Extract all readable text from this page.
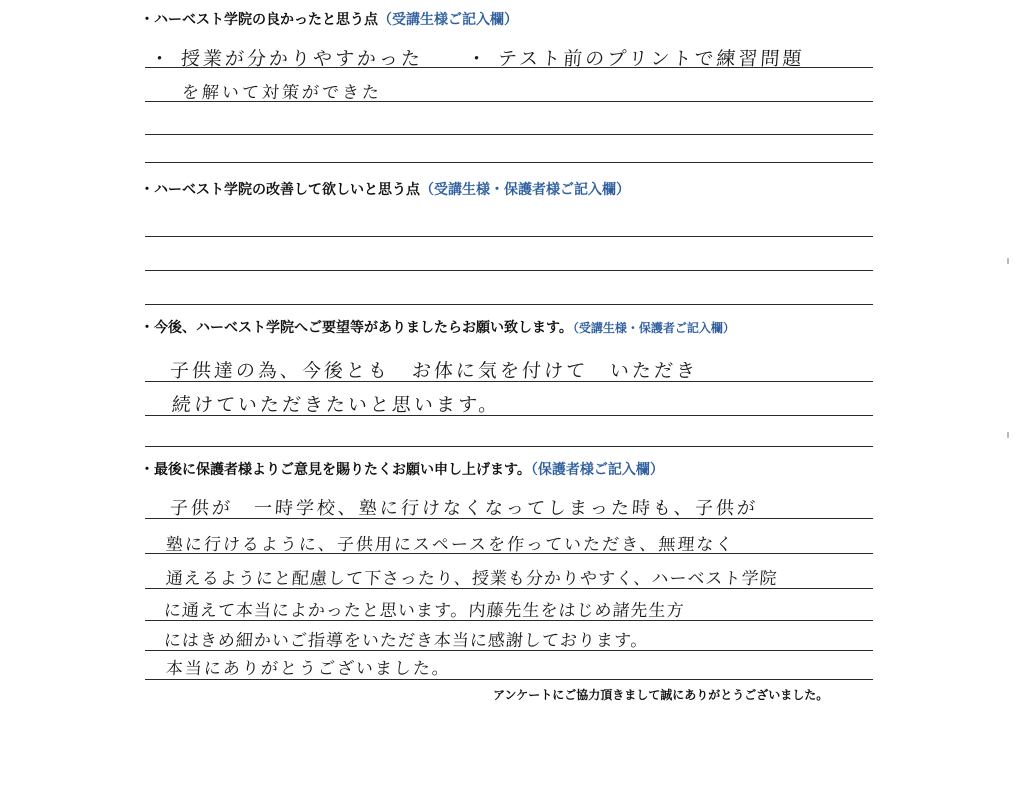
・ハーベスト学院の良かったと思う点（受講生様ご記入欄）
・ 授業が分かりやすかった　　・ テスト前のプリントで練習問題
を解いて対策ができた
・ハーベスト学院の改善して欲しいと思う点（受講生様・保護者様ご記入欄）
・今後、ハーベスト学院へご要望等がありましたらお願い致します。（受講生様・保護者ご記入欄）
子供達の為、今後とも　お体に気を付けて　いただき
続けていただきたいと思います。
・最後に保護者様よりご意見を賜りたくお願い申し上げます。（保護者様ご記入欄）
子供が　一時学校、塾に行けなくなってしまった時も、子供が
塾に行けるように、子供用にスペースを作っていただき、無理なく
通えるようにと配慮して下さったり、授業も分かりやすく、ハーベスト学院
に通えて本当によかったと思います。内藤先生をはじめ諸先生方
にはきめ細かいご指導をいただき本当に感謝しております。
本当にありがとうございました。
アンケートにご協力頂きまして誠にありがとうございました。
